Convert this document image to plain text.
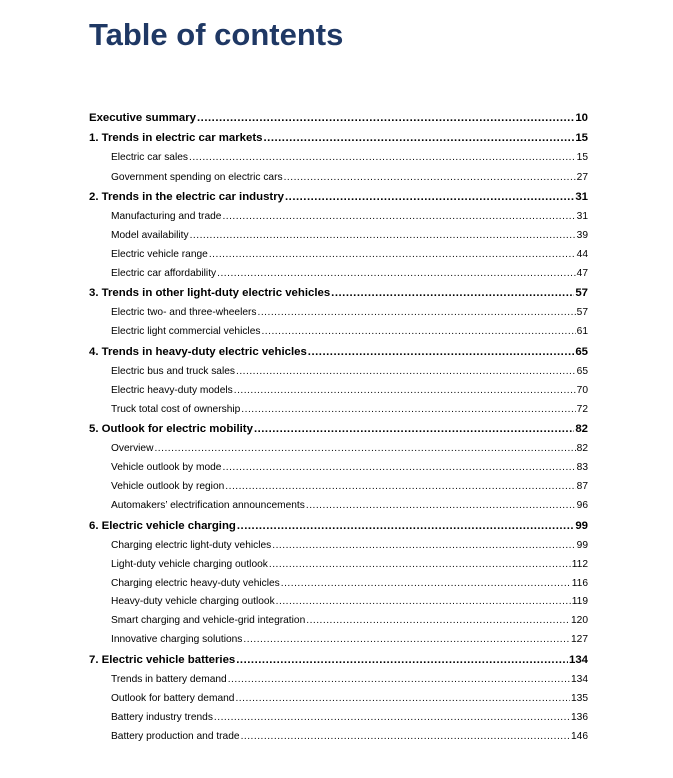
Table of contents
Executive summary .....	10
1. Trends in electric car markets .....	15
Electric car sales .....	15
Government spending on electric cars .....	27
2. Trends in the electric car industry .....	31
Manufacturing and trade .....	31
Model availability .....	39
Electric vehicle range .....	44
Electric car affordability .....	47
3. Trends in other light-duty electric vehicles .....	57
Electric two- and three-wheelers .....	57
Electric light commercial vehicles .....	61
4. Trends in heavy-duty electric vehicles .....	65
Electric bus and truck sales .....	65
Electric heavy-duty models .....	70
Truck total cost of ownership .....	72
5. Outlook for electric mobility .....	82
Overview .....	82
Vehicle outlook by mode .....	83
Vehicle outlook by region .....	87
Automakers’ electrification announcements .....	96
6. Electric vehicle charging .....	99
Charging electric light-duty vehicles .....	99
Light-duty vehicle charging outlook .....	112
Charging electric heavy-duty vehicles .....	116
Heavy-duty vehicle charging outlook .....	119
Smart charging and vehicle-grid integration .....	120
Innovative charging solutions .....	127
7. Electric vehicle batteries .....	134
Trends in battery demand .....	134
Outlook for battery demand .....	135
Battery industry trends .....	136
Battery production and trade .....	146
